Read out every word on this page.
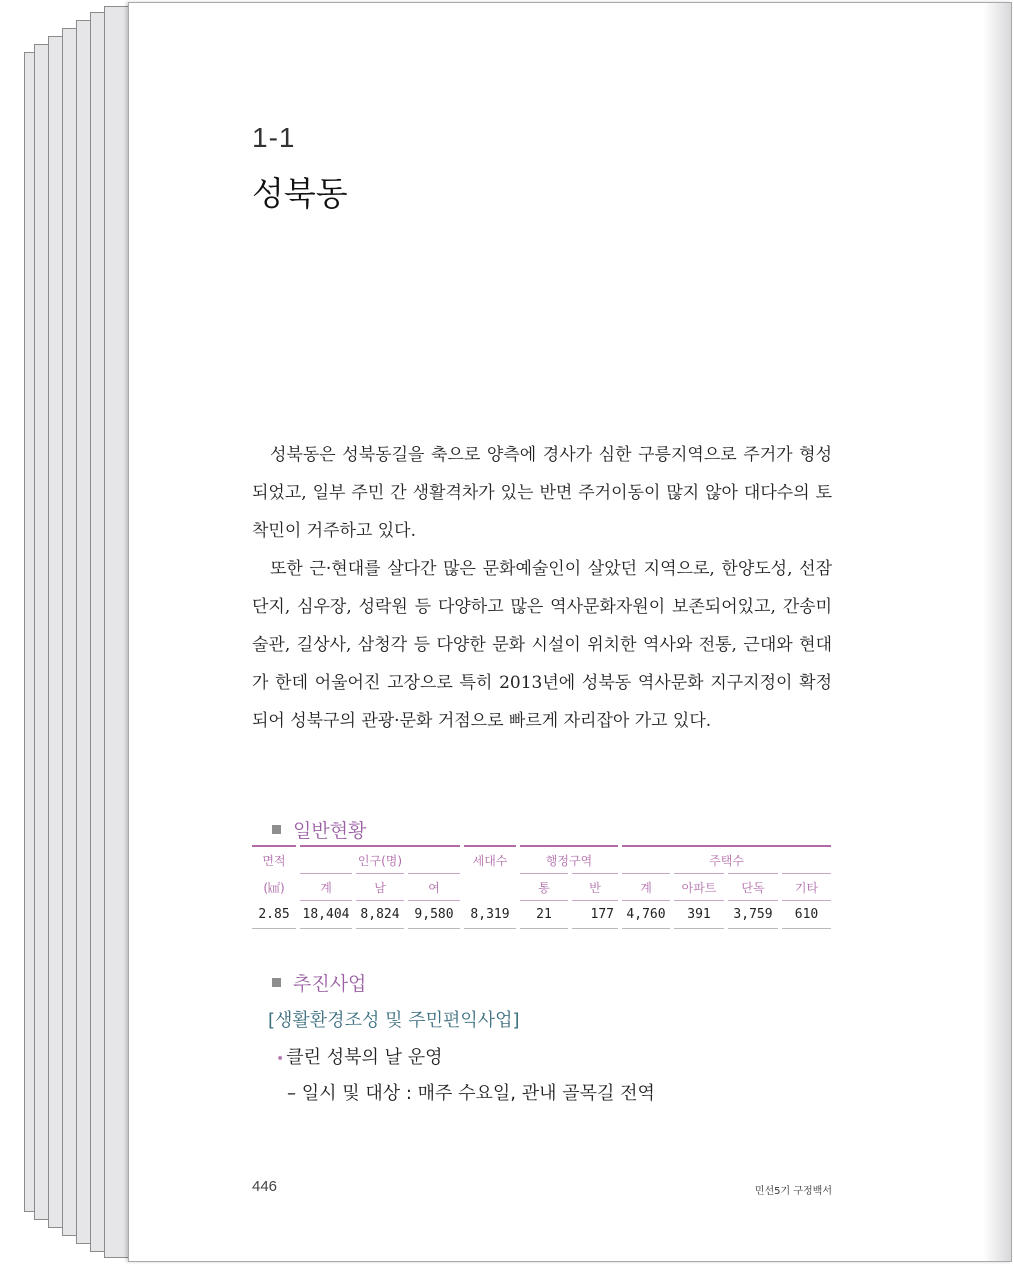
1-1
성북동

성북동은 성북동길을 축으로 양측에 경사가 심한 구릉지역으로 주거가 형성되었고, 일부 주민 간 생활격차가 있는 반면 주거이동이 많지 않아 대다수의 토착민이 거주하고 있다.

또한 근·현대를 살다간 많은 문화예술인이 살았던 지역으로, 한양도성, 선잠단지, 심우장, 성락원 등 다양하고 많은 역사문화자원이 보존되어있고, 간송미술관, 길상사, 삼청각 등 다양한 문화 시설이 위치한 역사와 전통, 근대와 현대가 한데 어울어진 고장으로 특히 2013년에 성북동 역사문화 지구지정이 확정되어 성북구의 관광·문화 거점으로 빠르게 자리잡아 가고 있다.

일반현황
면적	인구(명)			세대수	행정구역		주택수			
(㎢)	계	남	여		통	반	계	아파트	단독	기타
2.85	18,404	8,824	9,580	8,319	21	177	4,760	391	3,759	610
추진사업
[생활환경조성 및 주민편익사업]
• 클린 성북의 날 운영
– 일시 및 대상 : 매주 수요일, 관내 골목길 전역
446	민선5기 구정백서
